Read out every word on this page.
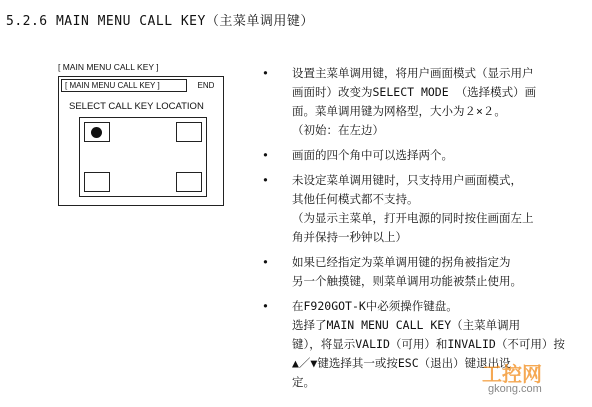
5.2.6 MAIN MENU CALL KEY（主菜单调用键）
[ MAIN MENU CALL KEY ]
[ MAIN MENU CALL KEY ]	END
SELECT CALL KEY LOCATION
•	设置主菜单调用键，将用户画面模式（显示用户
画面时）改变为SELECT MODE （选择模式）画
面。菜单调用键为网格型，大小为２×２。
（初始：在左边）
•	画面的四个角中可以选择两个。
•	未设定菜单调用键时，只支持用户画面模式，
其他任何模式都不支持。
（为显示主菜单，打开电源的同时按住画面左上
角并保持一秒钟以上）
•	如果已经指定为菜单调用键的拐角被指定为
另一个触摸键，则菜单调用功能被禁止使用。
•	在F920GOT-K中必须操作键盘。
选择了MAIN MENU CALL KEY（主菜单调用
键），将显示VALID（可用）和INVALID（不可用）按
▲／▼键选择其一或按ESC（退出）键退出设
定。	工控网
gkong.com
